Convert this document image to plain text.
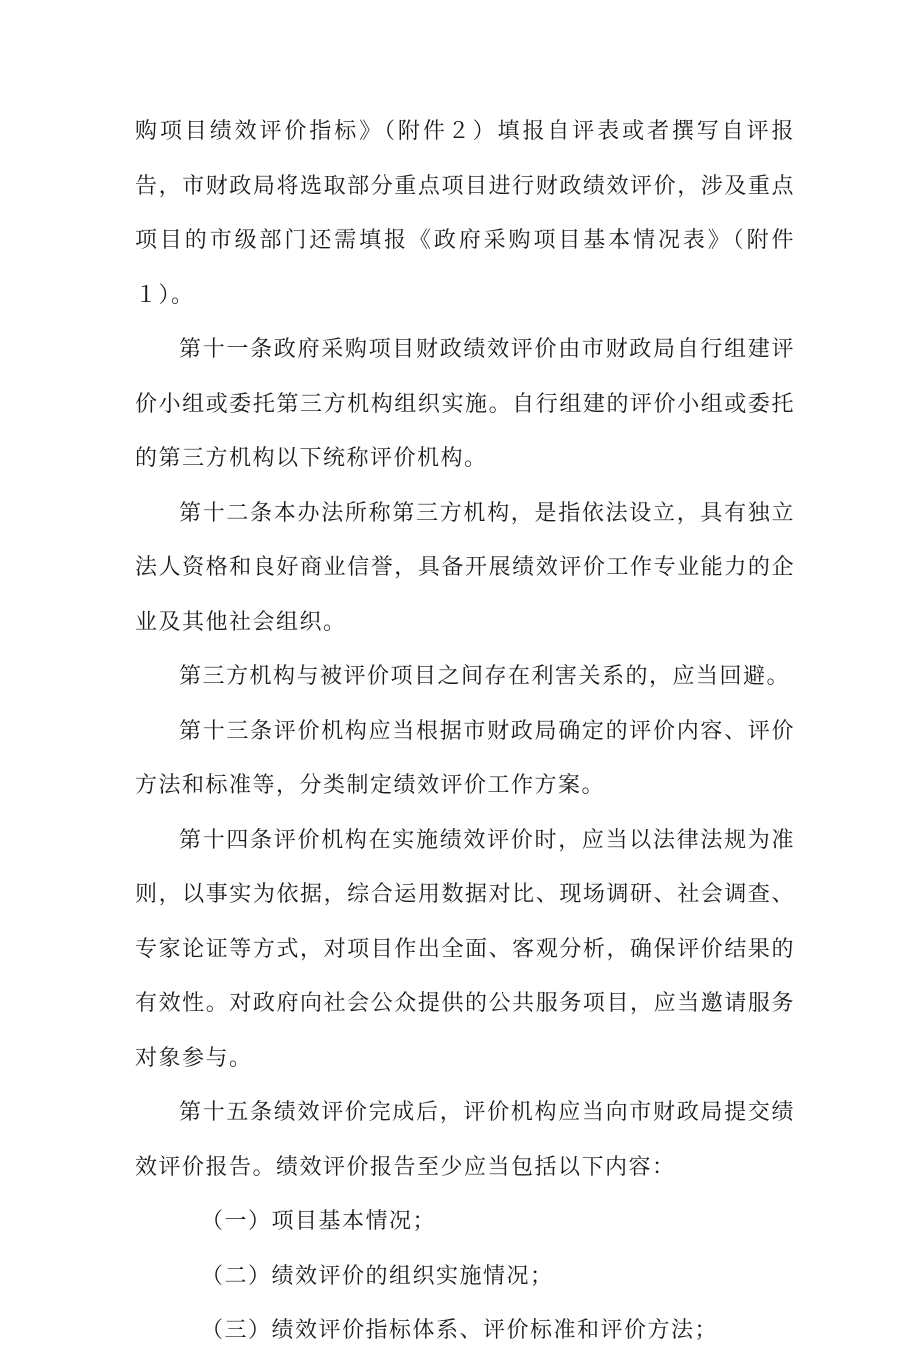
购项目绩效评价指标》（附件２）填报自评表或者撰写自评报告，市财政局将选取部分重点项目进行财政绩效评价，涉及重点项目的市级部门还需填报《政府采购项目基本情况表》（附件１）。

第十一条政府采购项目财政绩效评价由市财政局自行组建评价小组或委托第三方机构组织实施。自行组建的评价小组或委托的第三方机构以下统称评价机构。

第十二条本办法所称第三方机构，是指依法设立，具有独立法人资格和良好商业信誉，具备开展绩效评价工作专业能力的企业及其他社会组织。

第三方机构与被评价项目之间存在利害关系的，应当回避。

第十三条评价机构应当根据市财政局确定的评价内容、评价方法和标准等，分类制定绩效评价工作方案。

第十四条评价机构在实施绩效评价时，应当以法律法规为准则，以事实为依据，综合运用数据对比、现场调研、社会调查、专家论证等方式，对项目作出全面、客观分析，确保评价结果的有效性。对政府向社会公众提供的公共服务项目，应当邀请服务对象参与。

第十五条绩效评价完成后，评价机构应当向市财政局提交绩效评价报告。绩效评价报告至少应当包括以下内容：

（一）项目基本情况；

（二）绩效评价的组织实施情况；

（三）绩效评价指标体系、评价标准和评价方法；
